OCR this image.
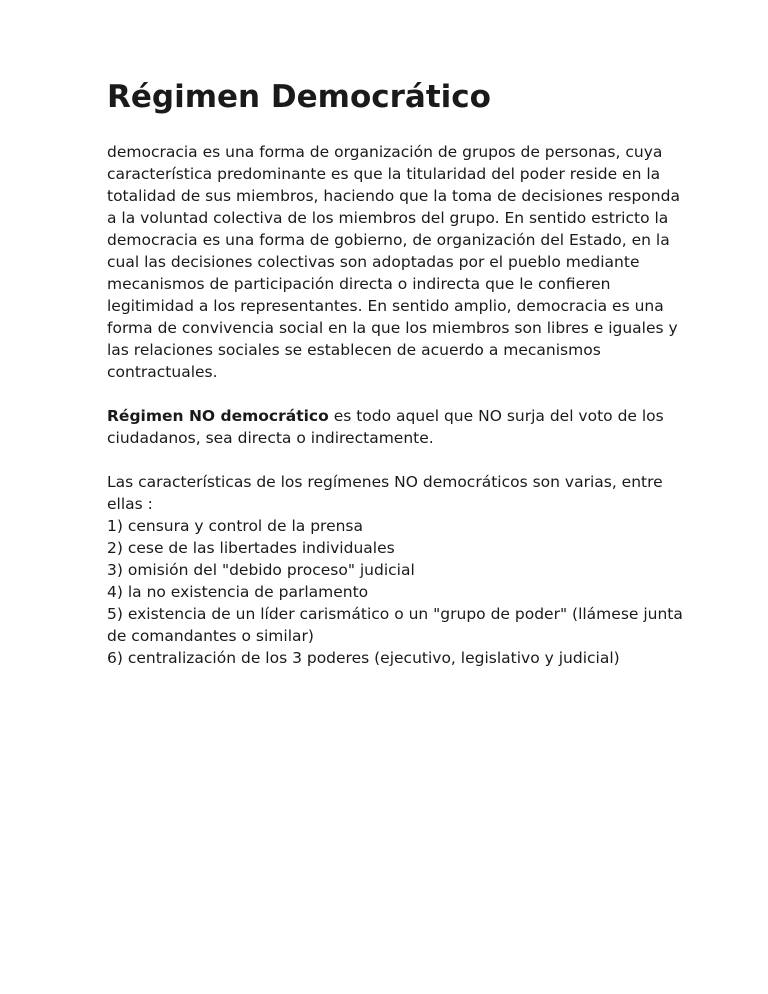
Régimen Democrático

democracia es una forma de organización de grupos de personas, cuya característica predominante es que la titularidad del poder reside en la totalidad de sus miembros, haciendo que la toma de decisiones responda a la voluntad colectiva de los miembros del grupo. En sentido estricto la democracia es una forma de gobierno, de organización del Estado, en la cual las decisiones colectivas son adoptadas por el pueblo mediante mecanismos de participación directa o indirecta que le confieren legitimidad a los representantes. En sentido amplio, democracia es una forma de convivencia social en la que los miembros son libres e iguales y las relaciones sociales se establecen de acuerdo a mecanismos contractuales.

Régimen NO democrático es todo aquel que NO surja del voto de los ciudadanos, sea directa o indirectamente.

Las características de los regímenes NO democráticos son varias, entre ellas :

1) censura y control de la prensa
2) cese de las libertades individuales
3) omisión del "debido proceso" judicial
4) la no existencia de parlamento
5) existencia de un líder carismático o un "grupo de poder" (llámese junta de comandantes o similar)
6) centralización de los 3 poderes (ejecutivo, legislativo y judicial)
